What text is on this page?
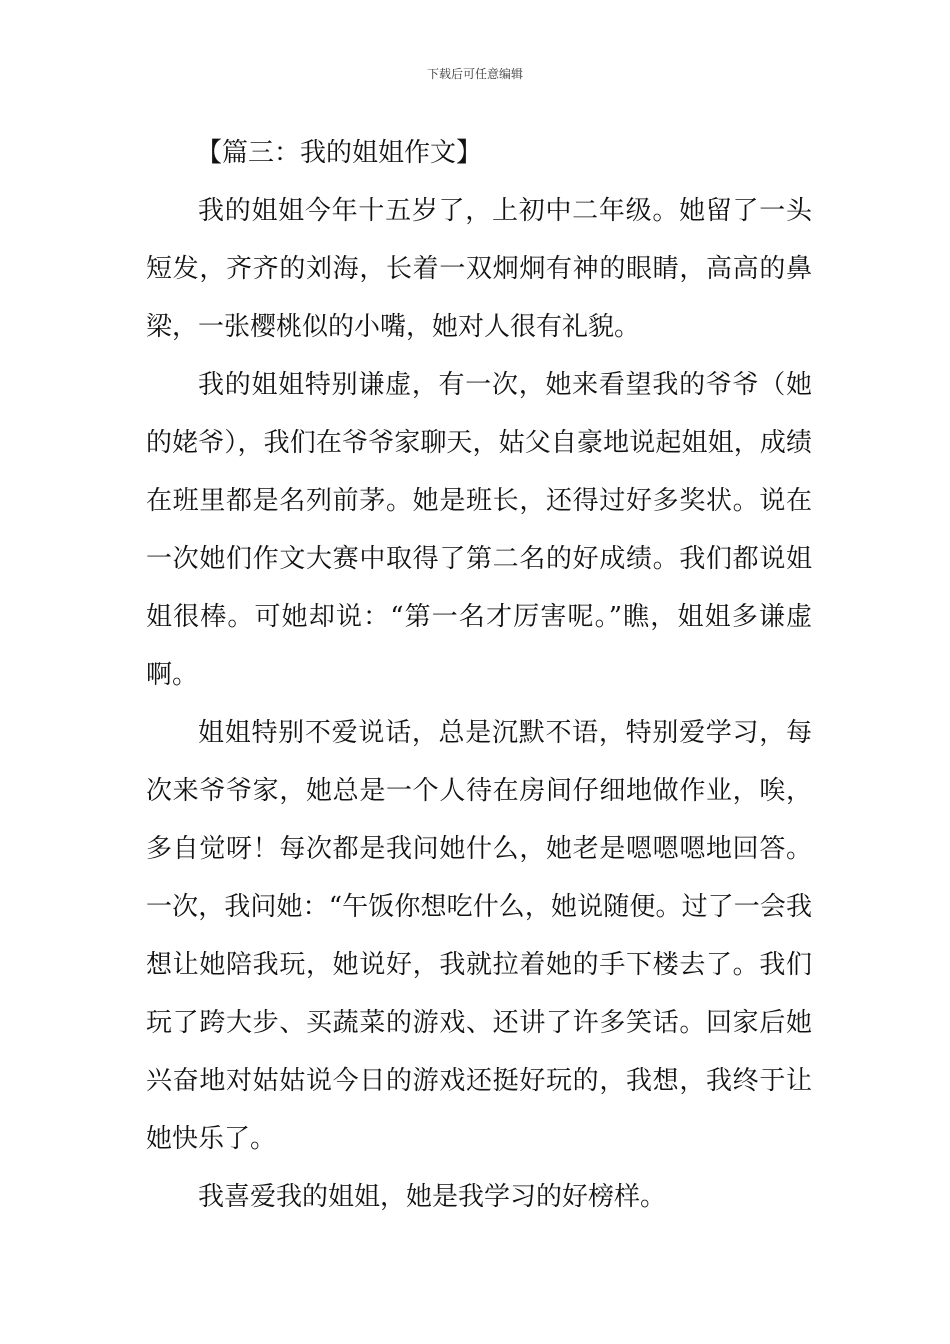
下载后可任意编辑

【篇三：我的姐姐作文】

我的姐姐今年十五岁了，上初中二年级。她留了一头短发，齐齐的刘海，长着一双炯炯有神的眼睛，高高的鼻梁，一张樱桃似的小嘴，她对人很有礼貌。

我的姐姐特别谦虚，有一次，她来看望我的爷爷（她的姥爷），我们在爷爷家聊天，姑父自豪地说起姐姐，成绩在班里都是名列前茅。她是班长，还得过好多奖状。说在一次她们作文大赛中取得了第二名的好成绩。我们都说姐姐很棒。可她却说：“第一名才厉害呢。”瞧，姐姐多谦虚啊。

姐姐特别不爱说话，总是沉默不语，特别爱学习，每次来爷爷家，她总是一个人待在房间仔细地做作业，唉，多自觉呀！每次都是我问她什么，她老是嗯嗯嗯地回答。一次，我问她：“午饭你想吃什么，她说随便。过了一会我想让她陪我玩，她说好，我就拉着她的手下楼去了。我们玩了跨大步、买蔬菜的游戏、还讲了许多笑话。回家后她兴奋地对姑姑说今日的游戏还挺好玩的，我想，我终于让她快乐了。

我喜爱我的姐姐，她是我学习的好榜样。
